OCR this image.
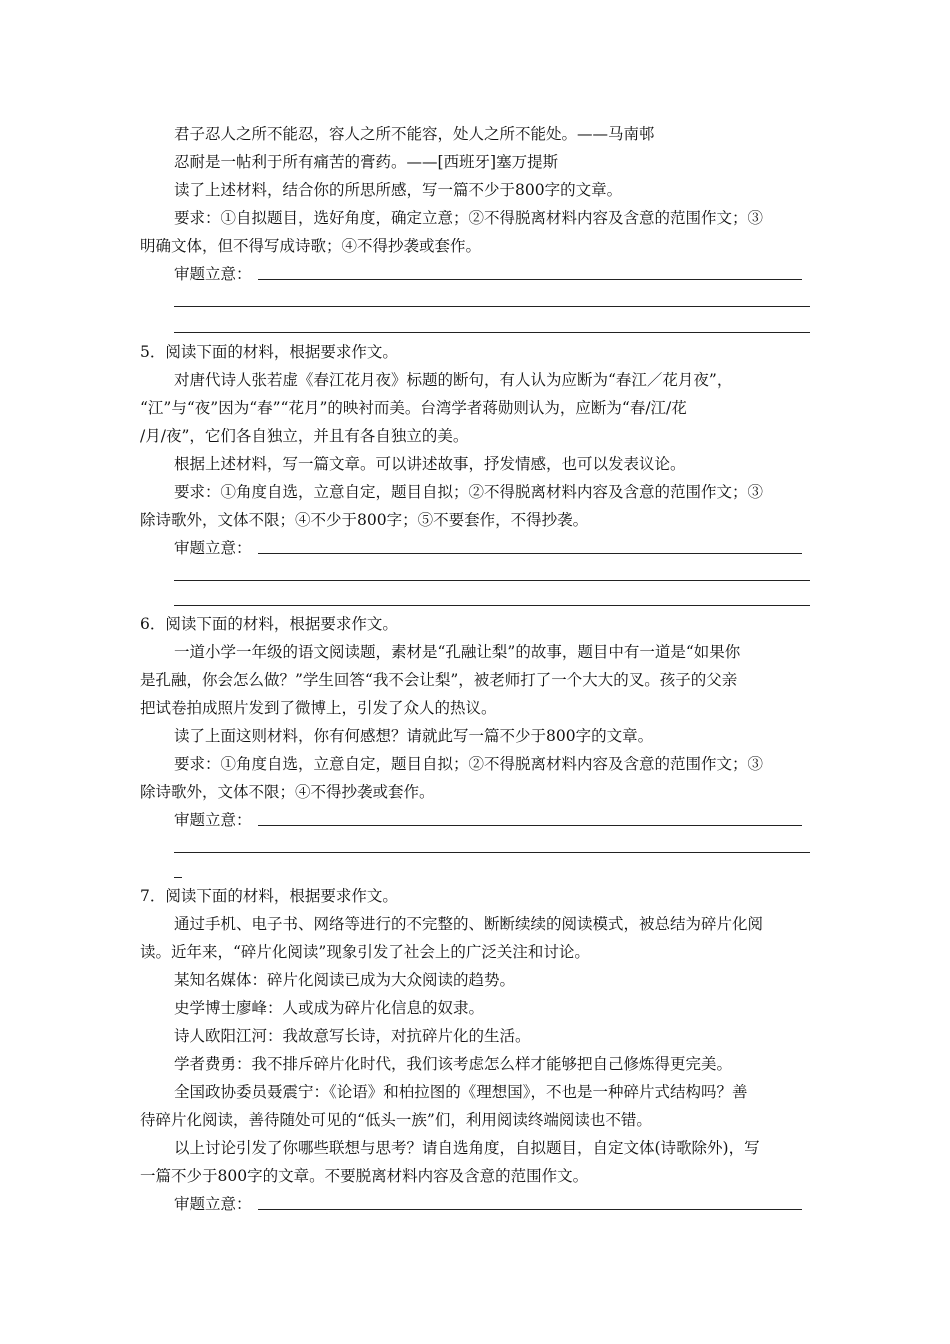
君子忍人之所不能忍，容人之所不能容，处人之所不能处。——马南邨
忍耐是一帖利于所有痛苦的膏药。——[西班牙]塞万提斯
读了上述材料，结合你的所思所感，写一篇不少于800字的文章。
要求：①自拟题目，选好角度，确定立意；②不得脱离材料内容及含意的范围作文；③
明确文体，但不得写成诗歌；④不得抄袭或套作。
审题立意：
5．阅读下面的材料，根据要求作文。
对唐代诗人张若虚《春江花月夜》标题的断句，有人认为应断为“春江／花月夜”，
“江”与“夜”因为“春”“花月”的映衬而美。台湾学者蒋勋则认为，应断为“春/江/花
/月/夜”，它们各自独立，并且有各自独立的美。
根据上述材料，写一篇文章。可以讲述故事，抒发情感，也可以发表议论。
要求：①角度自选，立意自定，题目自拟；②不得脱离材料内容及含意的范围作文；③
除诗歌外，文体不限；④不少于800字；⑤不要套作，不得抄袭。
审题立意：
6．阅读下面的材料，根据要求作文。
一道小学一年级的语文阅读题，素材是“孔融让梨”的故事，题目中有一道是“如果你
是孔融，你会怎么做？”学生回答“我不会让梨”，被老师打了一个大大的叉。孩子的父亲
把试卷拍成照片发到了微博上，引发了众人的热议。
读了上面这则材料，你有何感想？请就此写一篇不少于800字的文章。
要求：①角度自选，立意自定，题目自拟；②不得脱离材料内容及含意的范围作文；③
除诗歌外，文体不限；④不得抄袭或套作。
审题立意：
7．阅读下面的材料，根据要求作文。
通过手机、电子书、网络等进行的不完整的、断断续续的阅读模式，被总结为碎片化阅
读。近年来，“碎片化阅读”现象引发了社会上的广泛关注和讨论。
某知名媒体：碎片化阅读已成为大众阅读的趋势。
史学博士廖峰：人或成为碎片化信息的奴隶。
诗人欧阳江河：我故意写长诗，对抗碎片化的生活。
学者费勇：我不排斥碎片化时代，我们该考虑怎么样才能够把自己修炼得更完美。
全国政协委员聂震宁：《论语》和柏拉图的《理想国》，不也是一种碎片式结构吗？善
待碎片化阅读，善待随处可见的“低头一族”们，利用阅读终端阅读也不错。
以上讨论引发了你哪些联想与思考？请自选角度，自拟题目，自定文体(诗歌除外)，写
一篇不少于800字的文章。不要脱离材料内容及含意的范围作文。
审题立意：
